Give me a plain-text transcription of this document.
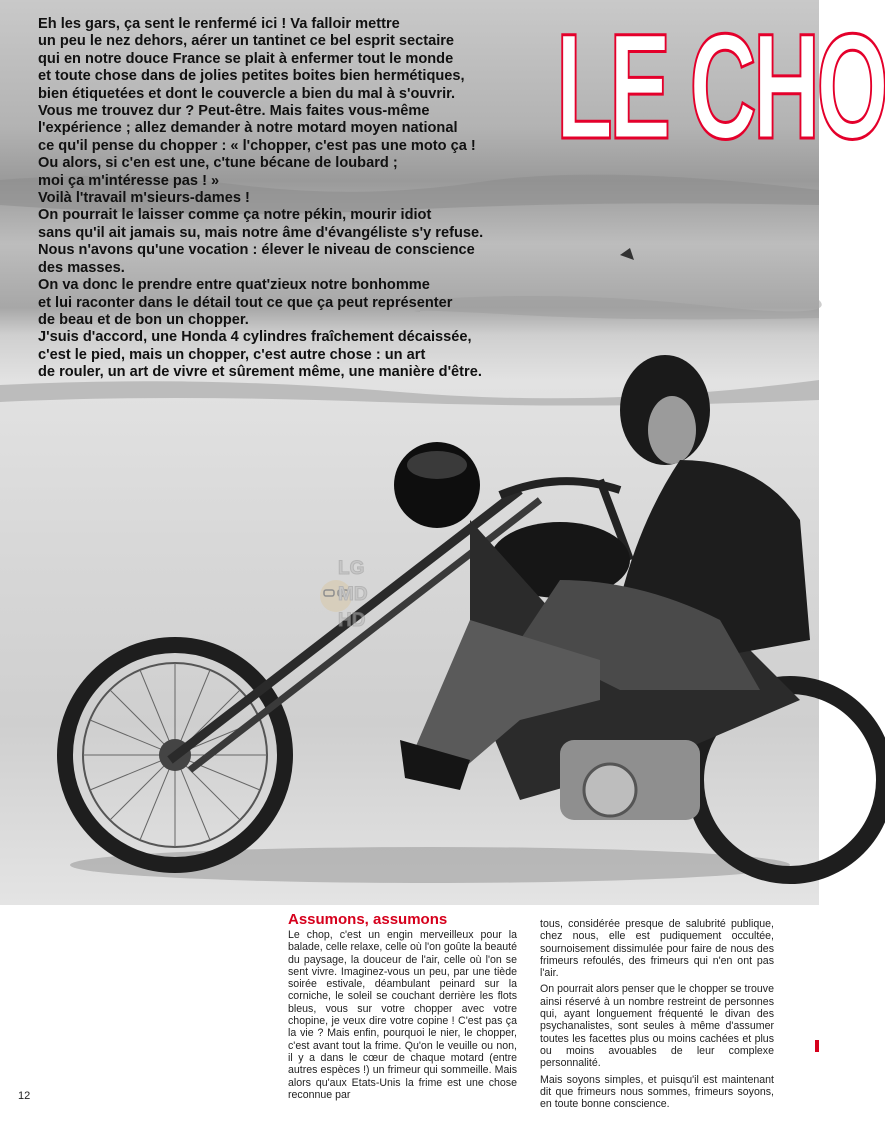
Eh les gars, ça sent le renfermé ici ! Va falloir mettre

un peu le nez dehors, aérer un tantinet ce bel esprit sectaire

qui en notre douce France se plait à enfermer tout le monde

et toute chose dans de jolies petites boites bien hermétiques,

bien étiquetées et dont le couvercle a bien du mal à s'ouvrir.

Vous me trouvez dur ? Peut-être. Mais faites vous-même

l'expérience ; allez demander à notre motard moyen national

ce qu'il pense du chopper : « l'chopper, c'est pas une moto ça !

Ou alors, si c'en est une, c'tune bécane de loubard ;

moi ça m'intéresse pas ! »

Voilà l'travail m'sieurs-dames !

On pourrait le laisser comme ça notre pékin, mourir idiot

sans qu'il ait jamais su, mais notre âme d'évangéliste s'y refuse.

Nous n'avons qu'une vocation : élever le niveau de conscience

des masses.

On va donc le prendre entre quat'zieux notre bonhomme

et lui raconter dans le détail tout ce que ça peut représenter

de beau et de bon un chopper.

J'suis d'accord, une Honda 4 cylindres fraîchement décaissée,

c'est le pied, mais un chopper, c'est autre chose : un art

de rouler, un art de vivre et sûrement même, une manière d'être.

LE CHO
LG
MD
HD
Assumons, assumons

Le chop, c'est un engin merveilleux pour la balade, celle relaxe, celle où l'on goûte la beauté du paysage, la douceur de l'air, celle où l'on se sent vivre. Imaginez-vous un peu, par une tiède soirée estivale, déambulant peinard sur la corniche, le soleil se couchant derrière les flots bleus, vous sur votre chopper avec votre chopine, je veux dire votre copine ! C'est pas ça la vie ? Mais enfin, pourquoi le nier, le chopper, c'est avant tout la frime. Qu'on le veuille ou non, il y a dans le cœur de chaque motard (entre autres espèces !) un frimeur qui sommeille. Mais alors qu'aux Etats-Unis la frime est une chose reconnue par

tous, considérée presque de salubrité publique, chez nous, elle est pudiquement occultée, sournoisement dissimulée pour faire de nous des frimeurs refoulés, des frimeurs qui n'en ont pas l'air.

On pourrait alors penser que le chopper se trouve ainsi réservé à un nombre restreint de personnes qui, ayant longuement fréquenté le divan des psychanalistes, sont seules à même d'assumer toutes les facettes plus ou moins cachées et plus ou moins avouables de leur complexe personnalité.

Mais soyons simples, et puisqu'il est maintenant dit que frimeurs nous sommes, frimeurs soyons, en toute bonne conscience.

12
